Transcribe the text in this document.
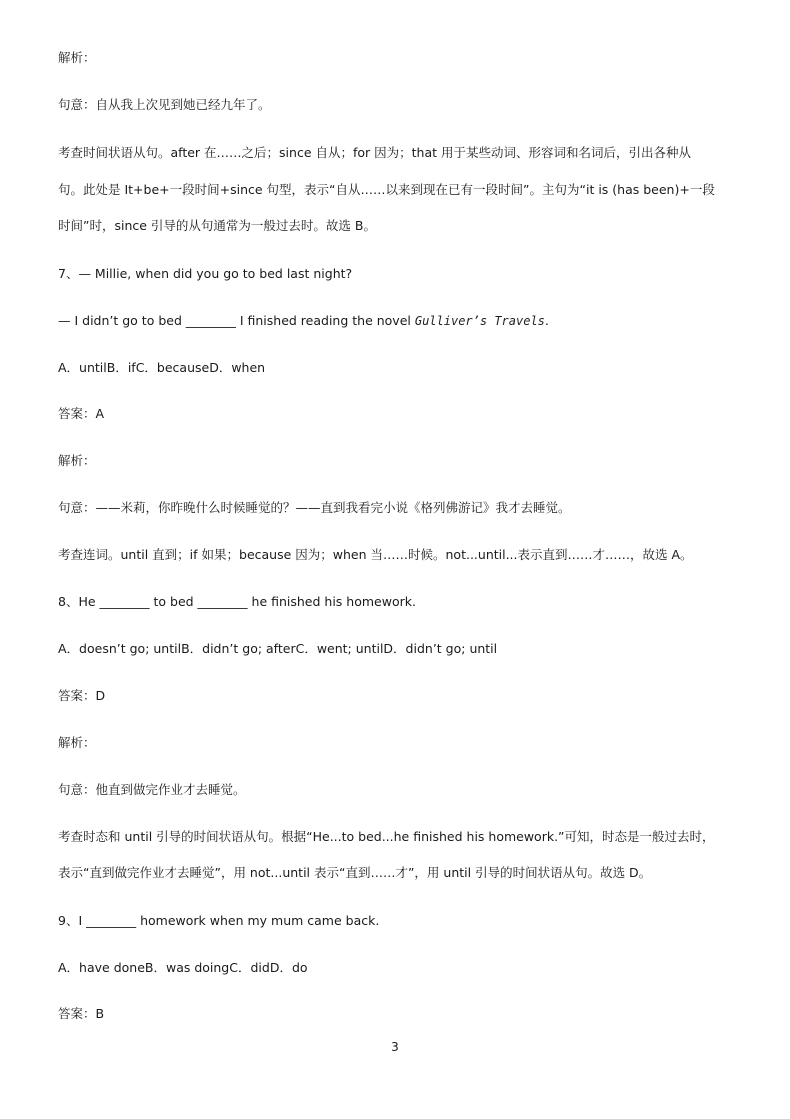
解析：
句意：自从我上次见到她已经九年了。
考查时间状语从句。after 在……之后；since 自从；for 因为；that 用于某些动词、形容词和名词后，引出各种从
句。此处是 It+be+一段时间+since 句型，表示“自从……以来到现在已有一段时间”。主句为“it is (has been)+一段
时间”时，since 引导的从句通常为一般过去时。故选 B。
7、— Millie, when did you go to bed last night?
— I didn’t go to bed ________ I finished reading the novel Gulliver’s Travels.
A．untilB．ifC．becauseD．when
答案：A
解析：
句意：——米莉，你昨晚什么时候睡觉的？——直到我看完小说《格列佛游记》我才去睡觉。
考查连词。until 直到；if 如果；because 因为；when 当……时候。not...until...表示直到……才……，故选 A。
8、He ________ to bed ________ he finished his homework.
A．doesn’t go; untilB．didn’t go; afterC．went; untilD．didn’t go; until
答案：D
解析：
句意：他直到做完作业才去睡觉。
考查时态和 until 引导的时间状语从句。根据“He...to bed...he finished his homework.”可知，时态是一般过去时，
表示“直到做完作业才去睡觉”，用 not...until 表示“直到……才”，用 until 引导的时间状语从句。故选 D。
9、I ________ homework when my mum came back.
A．have doneB．was doingC．didD．do
答案：B
3
